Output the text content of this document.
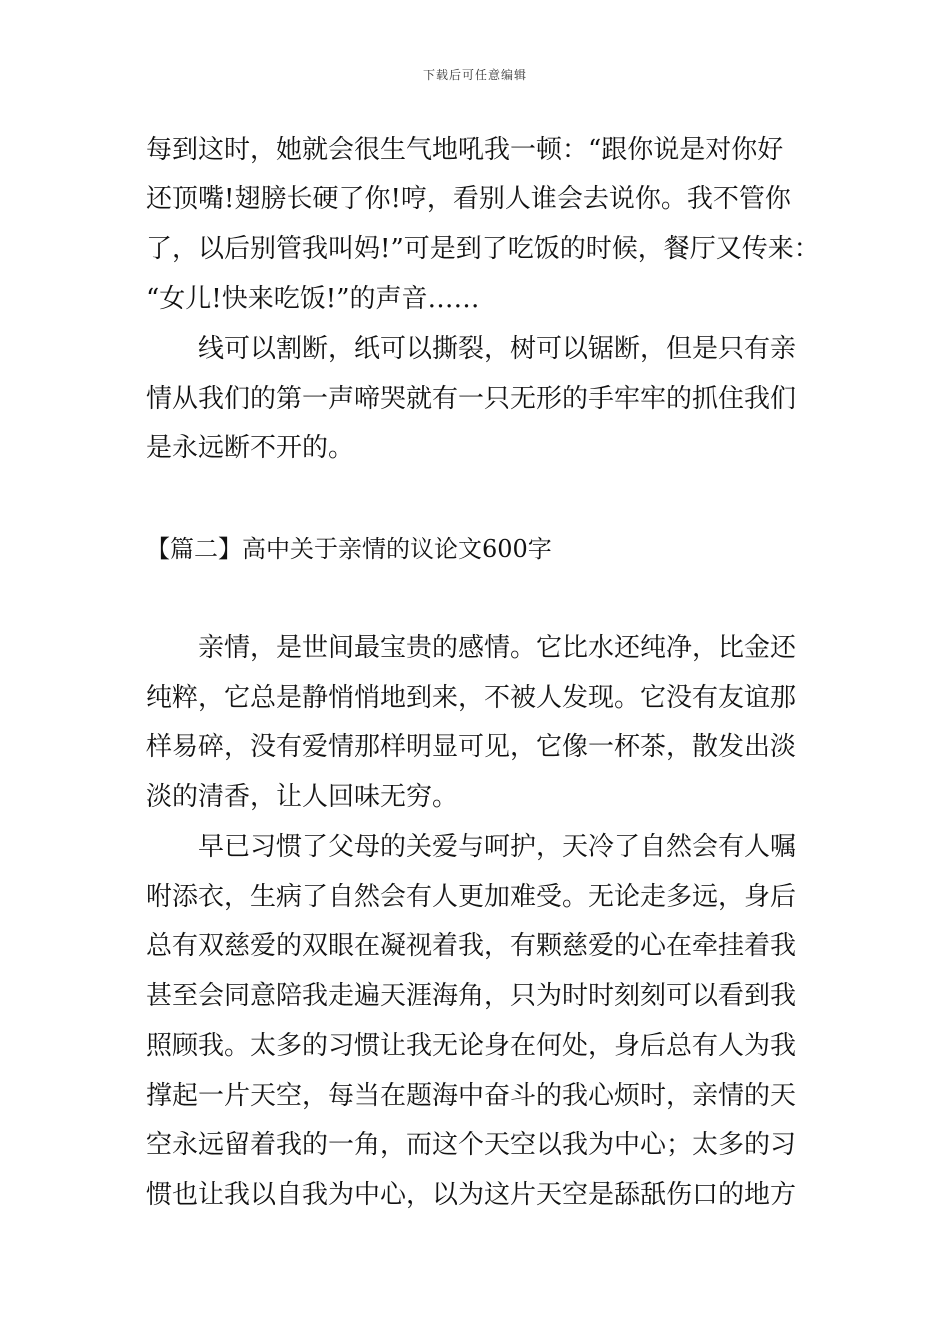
下载后可任意编辑
每到这时，她就会很生气地吼我一顿：“跟你说是对你好
还顶嘴!翅膀长硬了你!哼，看别人谁会去说你。我不管你
了，以后别管我叫妈!”可是到了吃饭的时候，餐厅又传来：
“女儿!快来吃饭!”的声音……
　　线可以割断，纸可以撕裂，树可以锯断，但是只有亲
情从我们的第一声啼哭就有一只无形的手牢牢的抓住我们
是永远断不开的。
【篇二】高中关于亲情的议论文600字
　　亲情，是世间最宝贵的感情。它比水还纯净，比金还
纯粹，它总是静悄悄地到来，不被人发现。它没有友谊那
样易碎，没有爱情那样明显可见，它像一杯茶，散发出淡
淡的清香，让人回味无穷。
　　早已习惯了父母的关爱与呵护，天冷了自然会有人嘱
咐添衣，生病了自然会有人更加难受。无论走多远，身后
总有双慈爱的双眼在凝视着我，有颗慈爱的心在牵挂着我
甚至会同意陪我走遍天涯海角，只为时时刻刻可以看到我
照顾我。太多的习惯让我无论身在何处，身后总有人为我
撑起一片天空，每当在题海中奋斗的我心烦时，亲情的天
空永远留着我的一角，而这个天空以我为中心；太多的习
惯也让我以自我为中心，以为这片天空是舔舐伤口的地方
